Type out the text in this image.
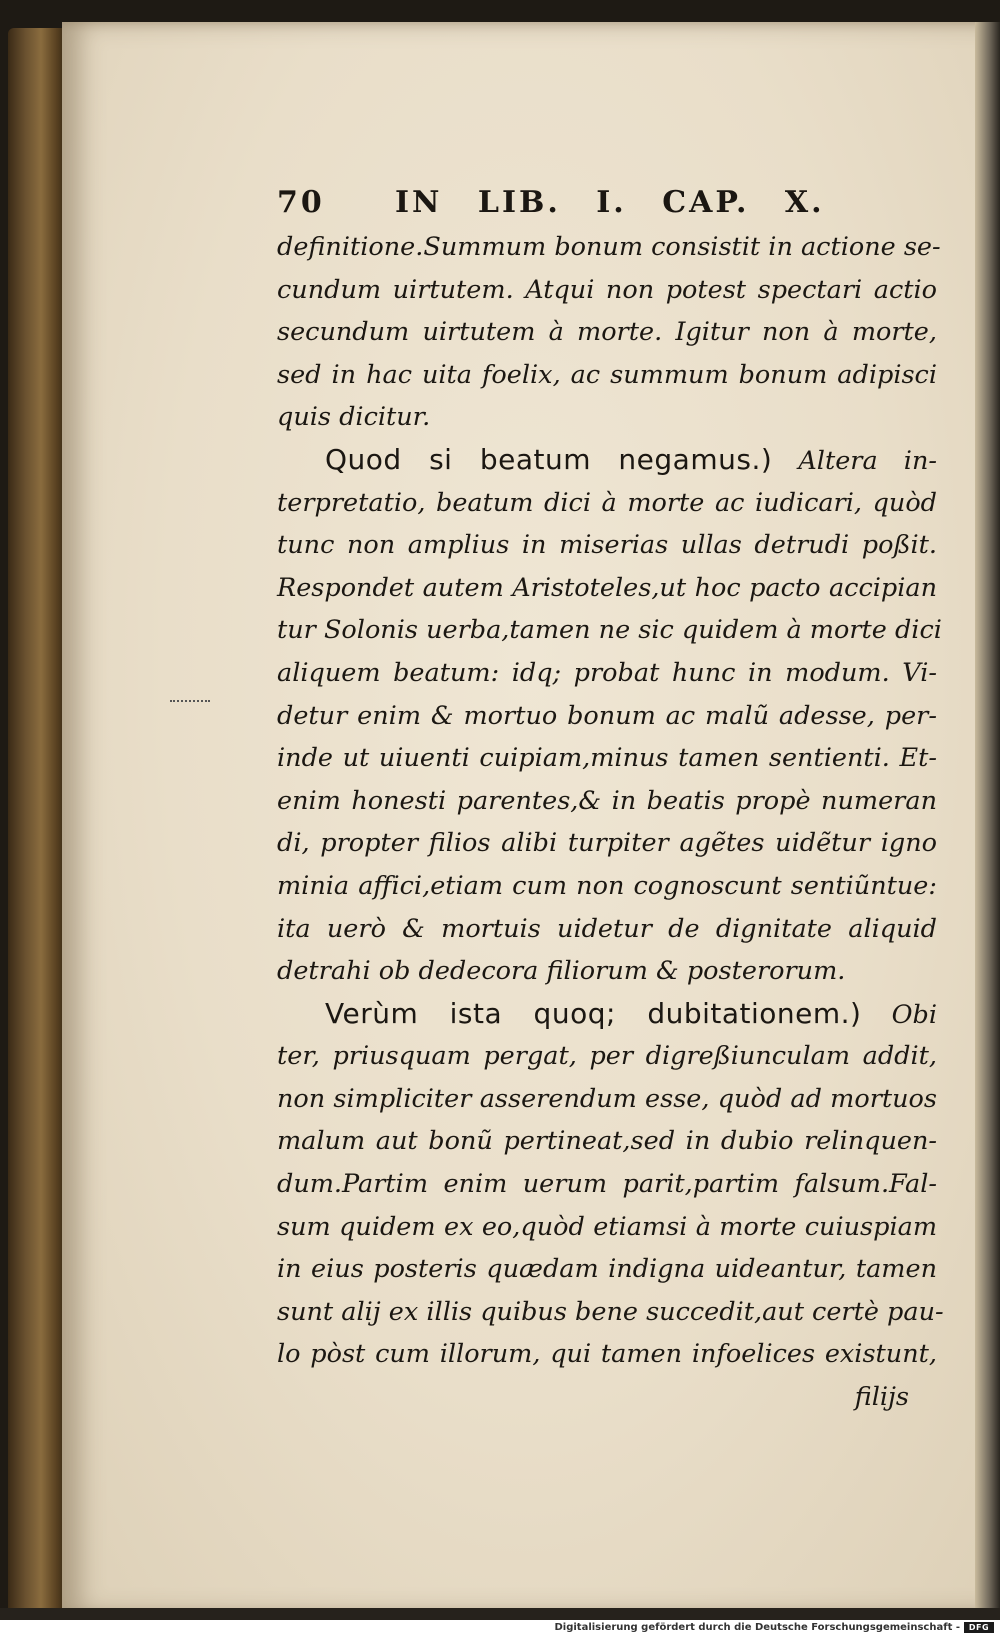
70	IN LIB. I. CAP. X.
definitione.Summum bonum consistit in actione se-
cundum uirtutem. Atqui non potest spectari actio
secundum uirtutem à morte. Igitur non à morte,
sed in hac uita foelix, ac summum bonum adipisci
quis dicitur.
Quod si beatum negamus.) Altera in-
terpretatio, beatum dici à morte ac iudicari, quòd
tunc non amplius in miserias ullas detrudi poßit.
Respondet autem Aristoteles,ut hoc pacto accipian
tur Solonis uerba,tamen ne sic quidem à morte dici
aliquem beatum: idq; probat hunc in modum. Vi-
detur enim & mortuo bonum ac malũ adesse, per-
inde ut uiuenti cuipiam,minus tamen sentienti. Et-
enim honesti parentes,& in beatis propè numeran
di, propter filios alibi turpiter agẽtes uidẽtur igno
minia affici,etiam cum non cognoscunt sentiũntue:
ita uerò & mortuis uidetur de dignitate aliquid
detrahi ob dedecora filiorum & posterorum.
Verùm ista quoq; dubitationem.) Obi
ter, priusquam pergat, per digreßiunculam addit,
non simpliciter asserendum esse, quòd ad mortuos
malum aut bonũ pertineat,sed in dubio relinquen-
dum.Partim enim uerum parit,partim falsum.Fal-
sum quidem ex eo,quòd etiamsi à morte cuiuspiam
in eius posteris quædam indigna uideantur, tamen
sunt alij ex illis quibus bene succedit,aut certè pau-
lo pòst cum illorum, qui tamen infoelices existunt,
filijs
Digitalisierung gefördert durch die Deutsche Forschungsgemeinschaft -	DFG
